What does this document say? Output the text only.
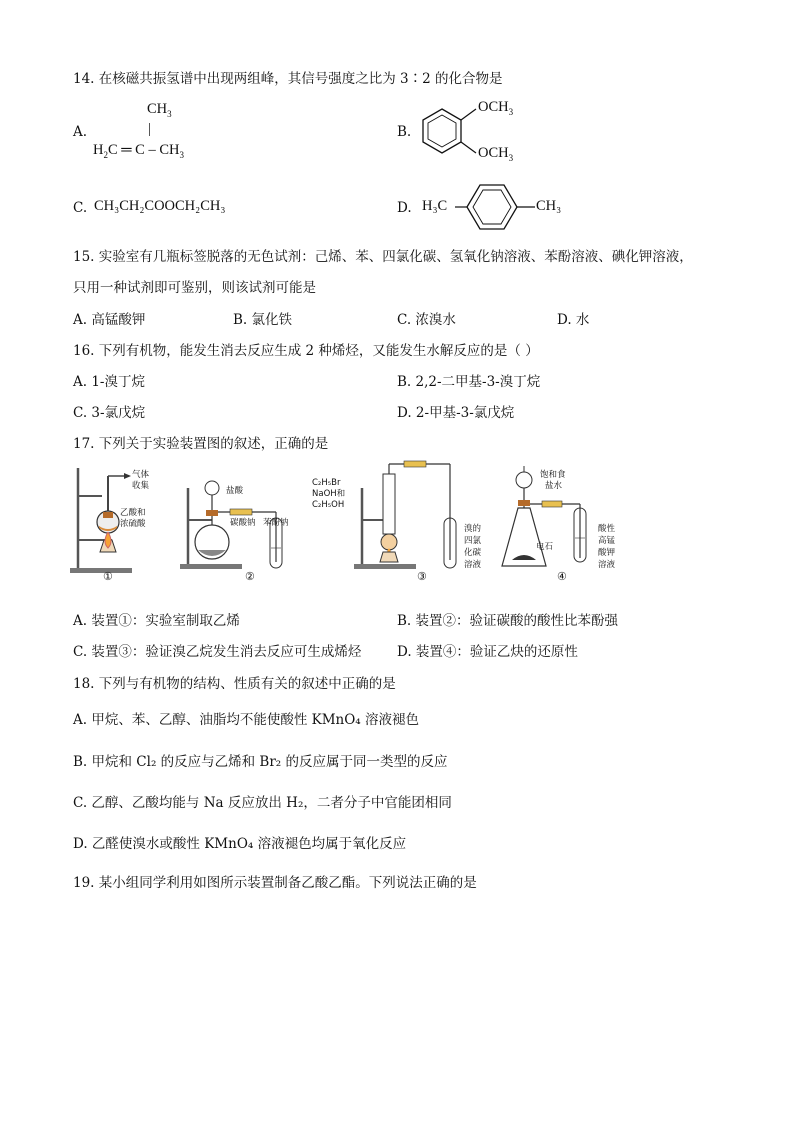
14. 在核磁共振氢谱中出现两组峰，其信号强度之比为 3∶2 的化合物是
A.
$CH_3$
|
$H_2C$ ═ C – $CH_3$
B.
$OCH_3$
$OCH_3$
C. CH₃CH₂COOCH₂CH₃	D. H₃C	CH₃
15. 实验室有几瓶标签脱落的无色试剂：己烯、苯、四氯化碳、氢氧化钠溶液、苯酚溶液、碘化钾溶液，
只用一种试剂即可鉴别，则该试剂可能是
A. 高锰酸钾	B. 氯化铁	C. 浓溴水	D. 水
16. 下列有机物，能发生消去反应生成 2 种烯烃，又能发生水解反应的是（ ）
A. 1-溴丁烷	B. 2,2-二甲基-3-溴丁烷
C. 3-氯戊烷	D. 2-甲基-3-氯戊烷
17. 下列关于实验装置图的叙述，正确的是
气体
收集
乙酸和
浓硫酸
①
盐酸
碳酸钠 苯酚钠
②
C₂H₅Br
NaOH和
C₂H₅OH
溴的
四氯
化碳
溶液
③
饱和食
盐水
电石
酸性
高锰
酸钾
溶液
④
A. 装置①：实验室制取乙烯	B. 装置②：验证碳酸的酸性比苯酚强
C. 装置③：验证溴乙烷发生消去反应可生成烯烃	D. 装置④：验证乙炔的还原性
18. 下列与有机物的结构、性质有关的叙述中正确的是
A. 甲烷、苯、乙醇、油脂均不能使酸性 KMnO₄ 溶液褪色
B. 甲烷和 Cl₂ 的反应与乙烯和 Br₂ 的反应属于同一类型的反应
C. 乙醇、乙酸均能与 Na 反应放出 H₂，二者分子中官能团相同
D. 乙醛使溴水或酸性 KMnO₄ 溶液褪色均属于氧化反应
19. 某小组同学利用如图所示装置制备乙酸乙酯。下列说法正确的是
